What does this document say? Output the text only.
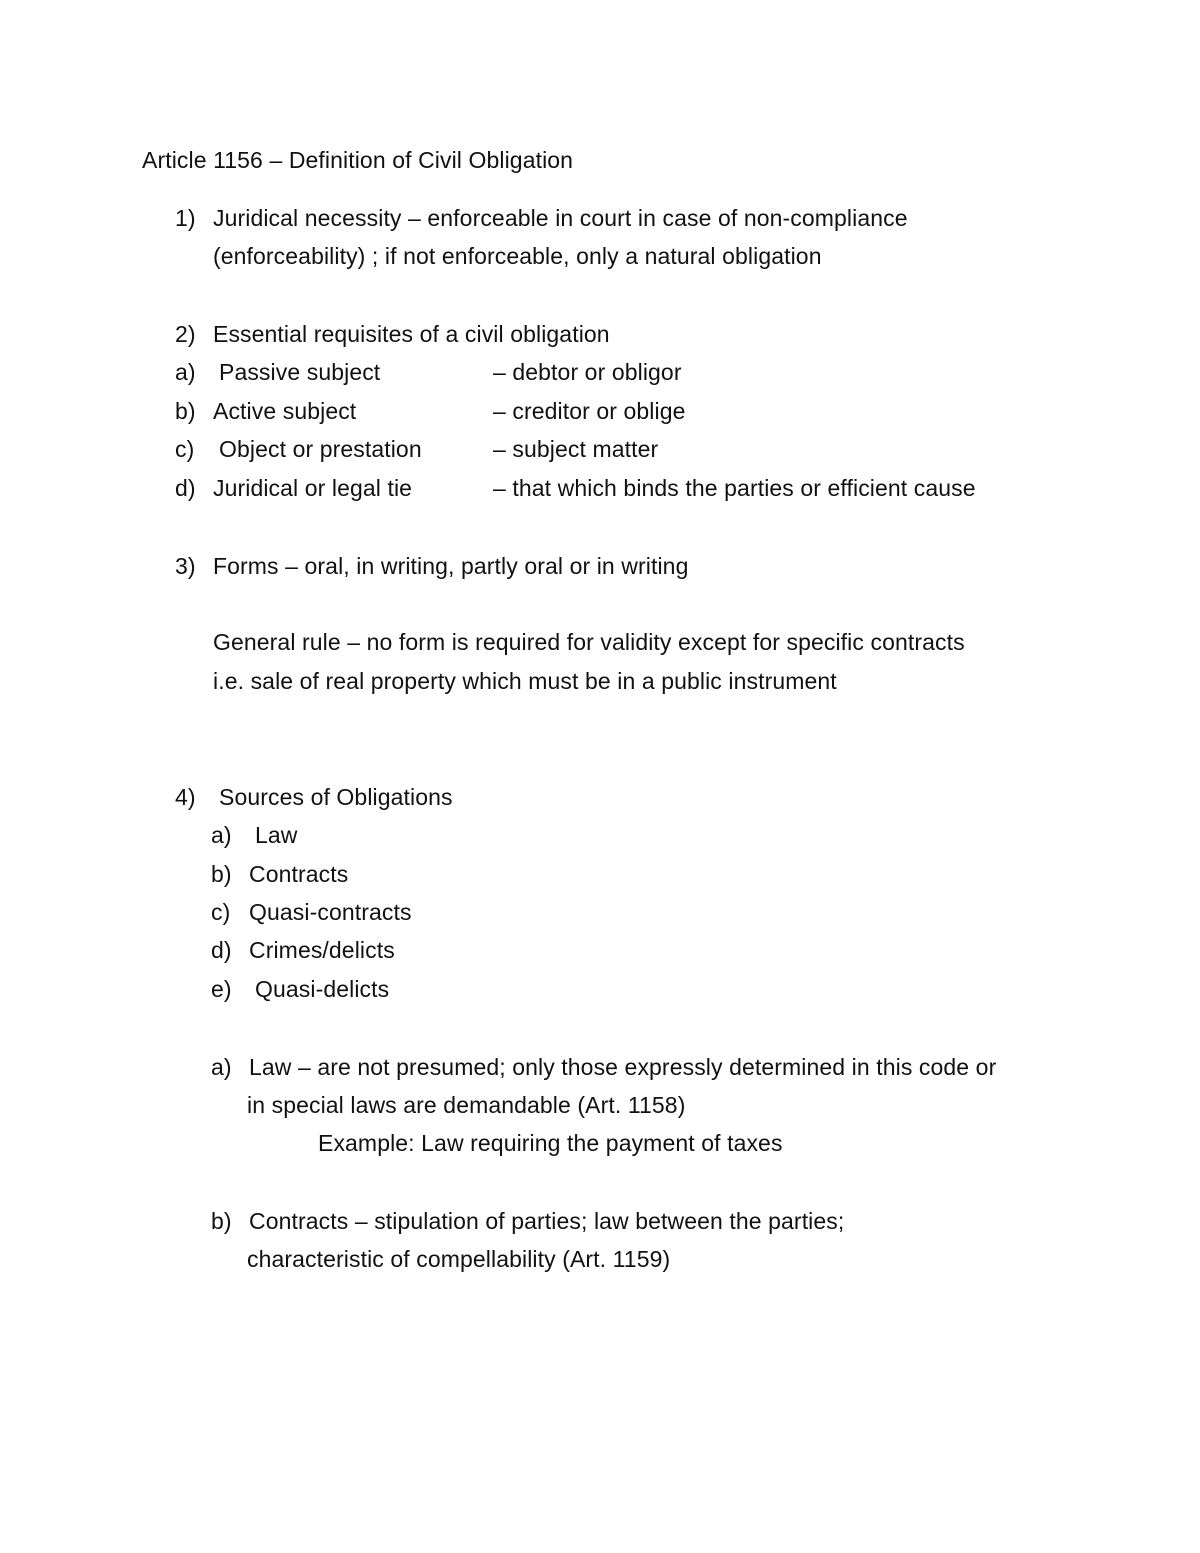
Article 1156 – Definition of Civil Obligation
1) Juridical necessity – enforceable in court in case of non-compliance
(enforceability) ; if not enforceable, only a natural obligation
2) Essential requisites of a civil obligation
a) Passive subject	– debtor or obligor
b) Active subject	– creditor or oblige
c) Object or prestation	– subject matter
d) Juridical or legal tie	– that which binds the parties or efficient cause
3) Forms – oral, in writing, partly oral or in writing
General rule – no form is required for validity except for specific contracts
i.e. sale of real property which must be in a public instrument
4) Sources of Obligations
a) Law
b) Contracts
c) Quasi-contracts
d) Crimes/delicts
e) Quasi-delicts
a) Law – are not presumed; only those expressly determined in this code or
in special laws are demandable (Art. 1158)
Example: Law requiring the payment of taxes
b) Contracts – stipulation of parties; law between the parties;
characteristic of compellability (Art. 1159)
